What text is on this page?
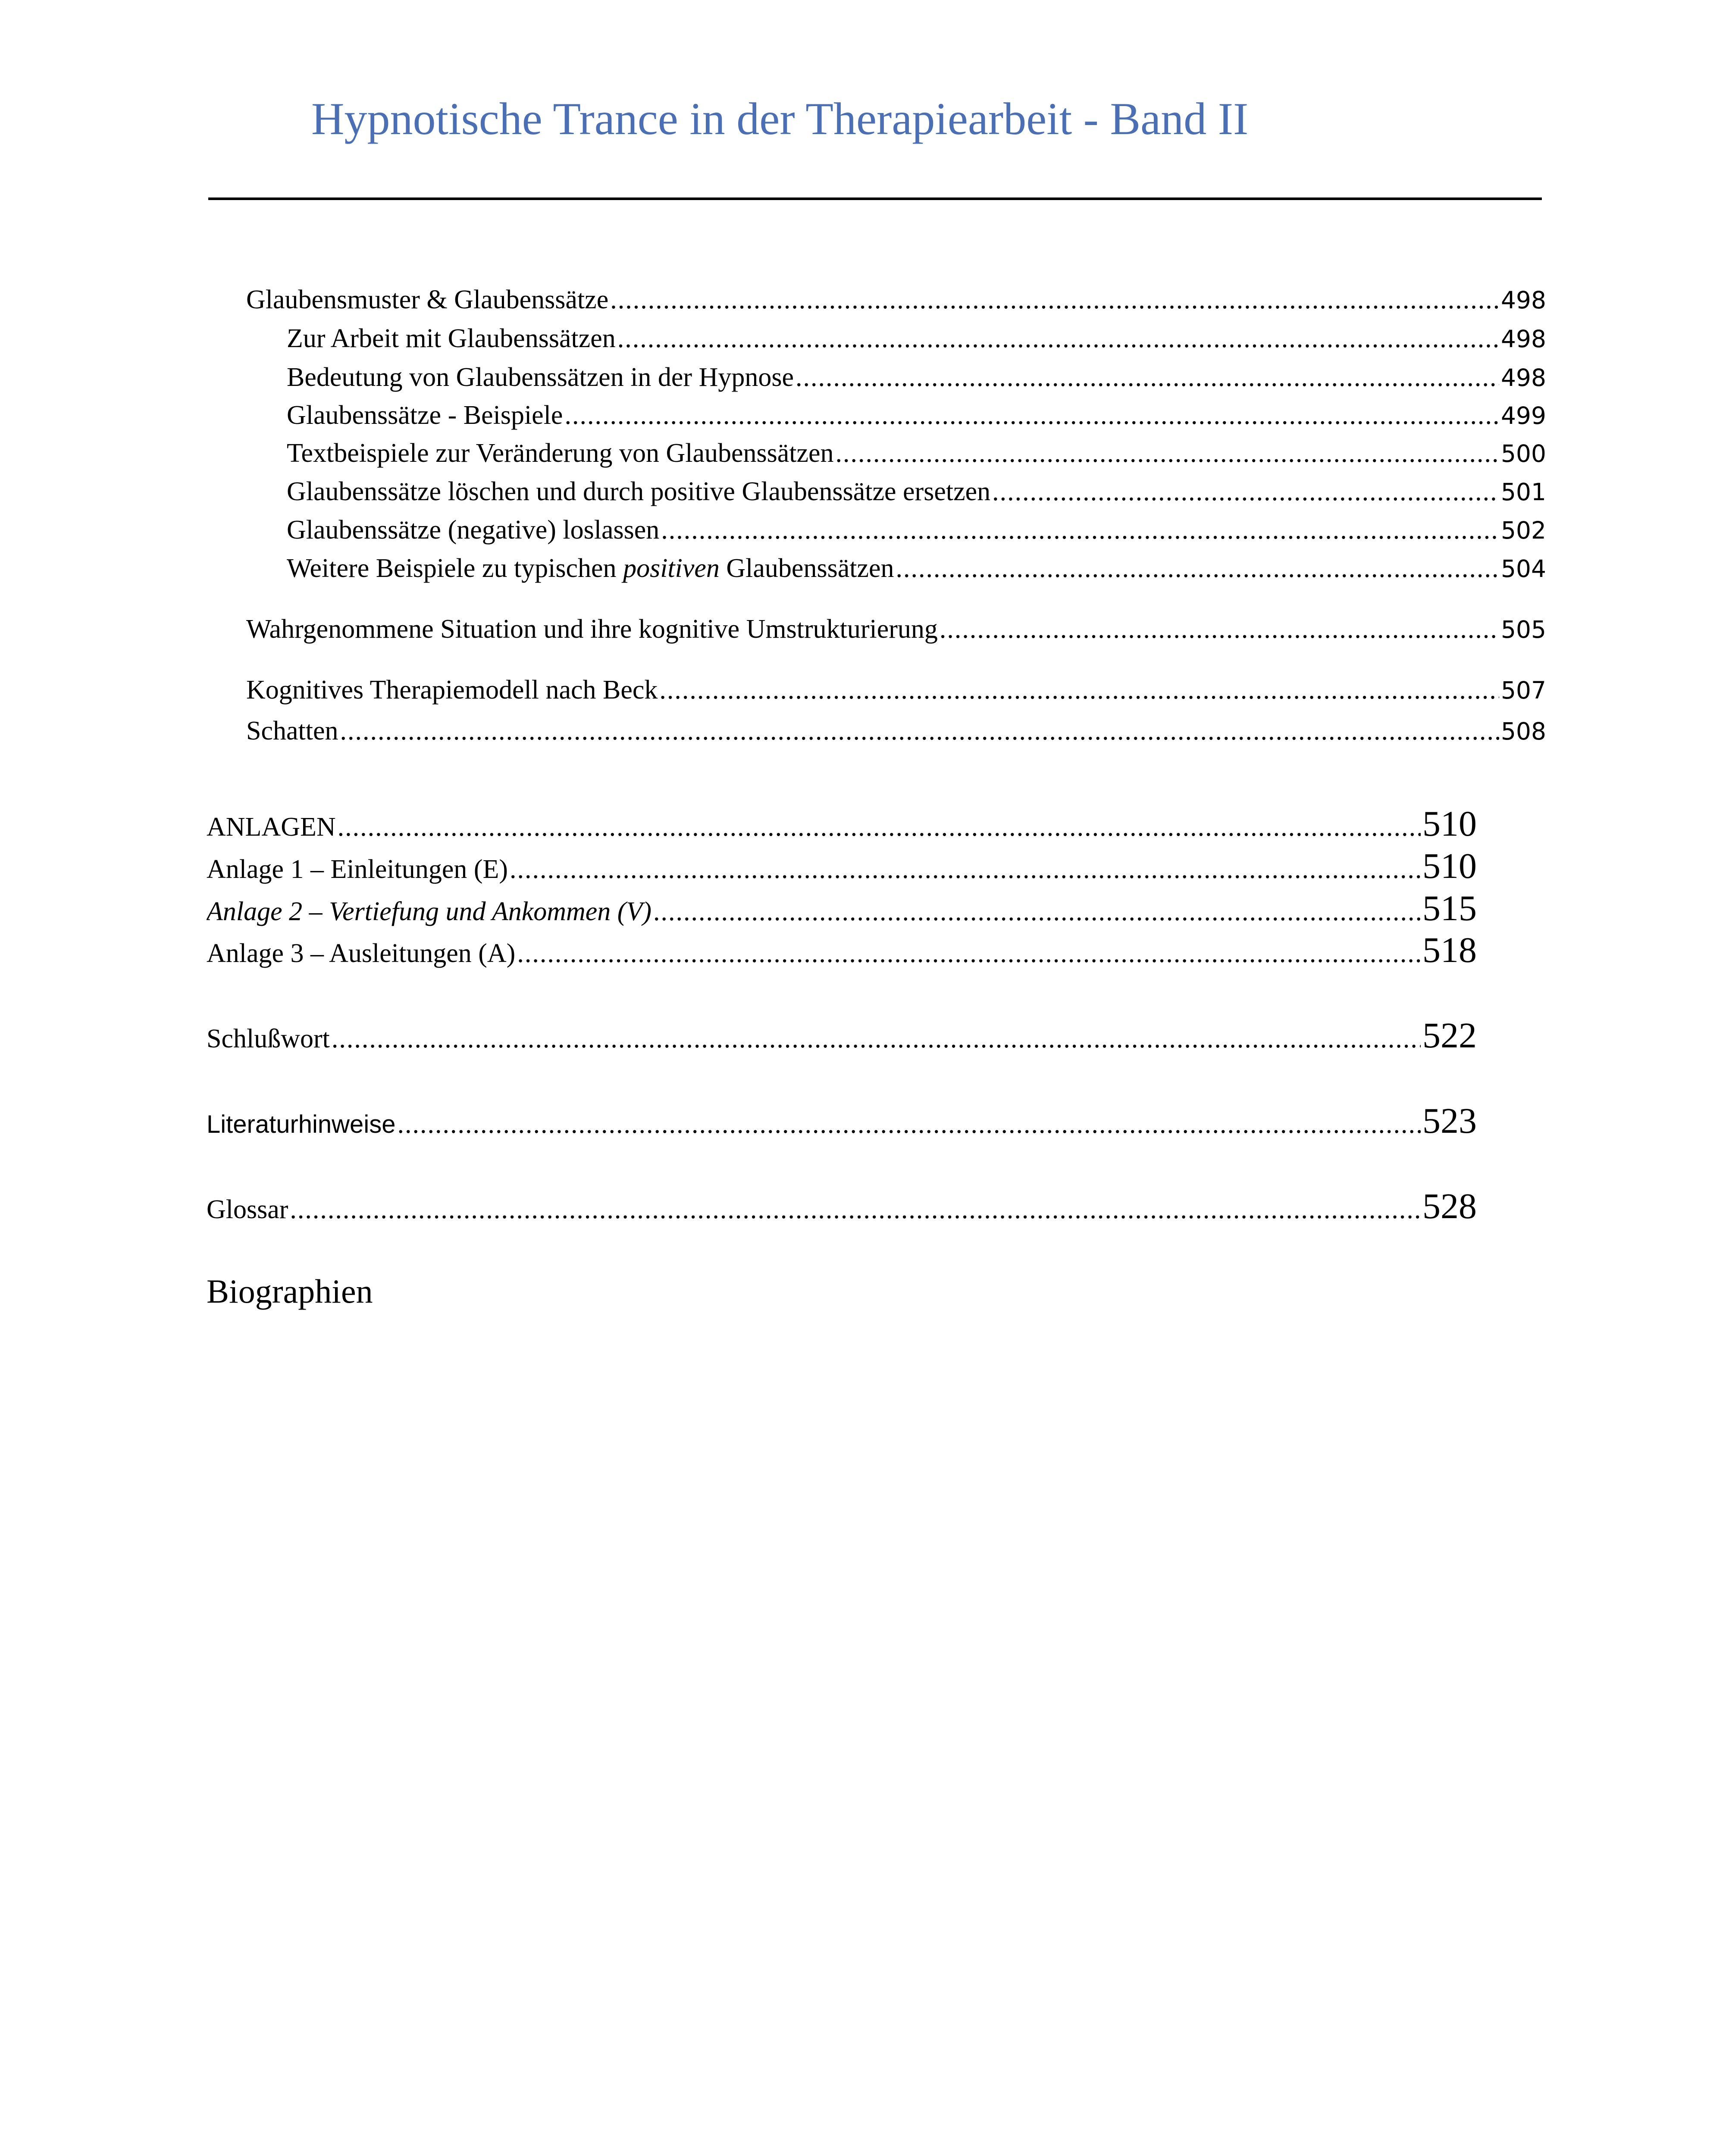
Hypnotische Trance in der Therapiearbeit - Band II
Glaubensmuster & Glaubenssätze .....	498
Zur Arbeit mit Glaubenssätzen .....	498
Bedeutung von Glaubenssätzen in der Hypnose .....	498
Glaubenssätze - Beispiele .....	499
Textbeispiele zur Veränderung von Glaubenssätzen .....	500
Glaubenssätze löschen und durch positive Glaubenssätze ersetzen .....	501
Glaubenssätze (negative) loslassen .....	502
Weitere Beispiele zu typischen positiven Glaubenssätzen .....	504
Wahrgenommene Situation und ihre kognitive Umstrukturierung .....	505
Kognitives Therapiemodell nach Beck .....	507
Schatten .....	508
ANLAGEN .....	510
Anlage 1 – Einleitungen (E) .....	510
Anlage 2 – Vertiefung und Ankommen (V) .....	515
Anlage 3 – Ausleitungen (A) .....	518
Schlußwort .....	522
Literaturhinweise .....	523
Glossar .....	528
Biographien
